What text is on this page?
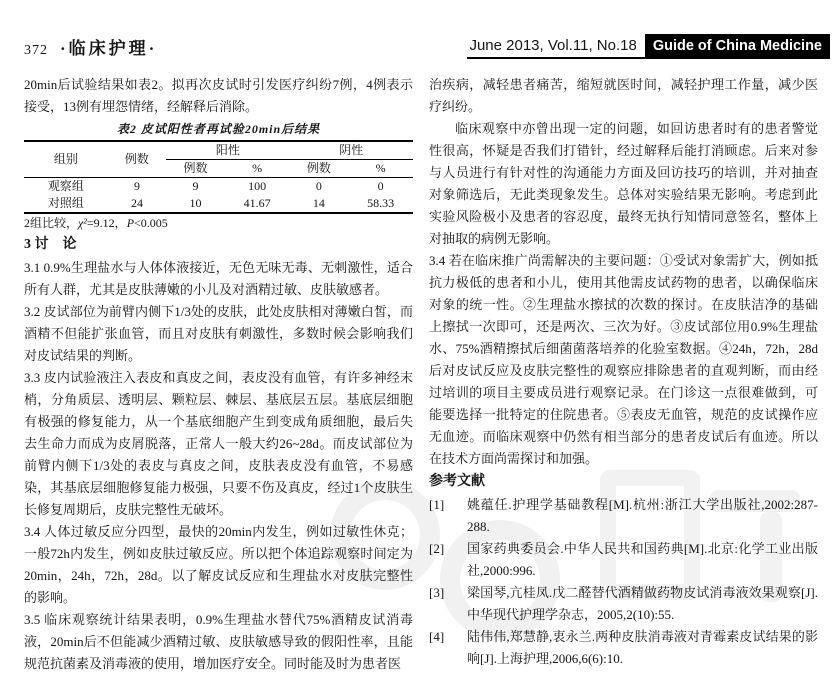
372 ·临床护理·	June 2013, Vol.11, No.18	Guide of China Medicine

20min后试验结果如表2。拟再次皮试时引发医疗纠纷7例，4例表示接受，13例有埋怨情绪，经解释后消除。

表2 皮试阳性者再试验20min后结果
组别	例数	阳性		阴性	
		例数	%	例数	%
观察组	9	9	100	0	0
对照组	24	10	41.67	14	58.33
2组比较，χ²=9.12，P<0.005
3 讨　论

3.1 0.9%生理盐水与人体体液接近，无色无味无毒、无刺激性，适合所有人群，尤其是皮肤薄嫩的小儿及对酒精过敏、皮肤敏感者。

3.2 皮试部位为前臂内侧下1/3处的皮肤，此处皮肤相对薄嫩白皙，而酒精不但能扩张血管，而且对皮肤有刺激性，多数时候会影响我们对皮试结果的判断。

3.3 皮内试验液注入表皮和真皮之间，表皮没有血管，有许多神经末梢，分角质层、透明层、颗粒层、棘层、基底层五层。基底层细胞有极强的修复能力，从一个基底细胞产生到变成角质细胞，最后失去生命力而成为皮屑脱落，正常人一般大约26~28d。而皮试部位为前臂内侧下1/3处的表皮与真皮之间，皮肤表皮没有血管，不易感染，其基底层细胞修复能力极强，只要不伤及真皮，经过1个皮肤生长修复周期后，皮肤完整性无破坏。

3.4 人体过敏反应分四型，最快的20min内发生，例如过敏性休克；一般72h内发生，例如皮肤过敏反应。所以把个体追踪观察时间定为20min，24h，72h，28d。以了解皮试反应和生理盐水对皮肤完整性的影响。

3.5 临床观察统计结果表明，0.9%生理盐水替代75%酒精皮试消毒液，20min后不但能减少酒精过敏、皮肤敏感导致的假阳性率，且能规范抗菌素及消毒液的使用，增加医疗安全。同时能及时为患者医

治疾病，减轻患者痛苦，缩短就医时间，减轻护理工作量，减少医疗纠纷。

临床观察中亦曾出现一定的问题，如回访患者时有的患者警觉性很高，怀疑是否我们打错针，经过解释后能打消顾虑。后来对参与人员进行有针对性的沟通能力方面及回访技巧的培训，并对抽查对象筛选后，无此类现象发生。总体对实验结果无影响。考虑到此实验风险极小及患者的容忍度，最终无执行知情同意签名，整体上对抽取的病例无影响。

3.4 若在临床推广尚需解决的主要问题：①受试对象需扩大，例如抵抗力极低的患者和小儿，使用其他需皮试药物的患者，以确保临床对象的统一性。②生理盐水擦拭的次数的探讨。在皮肤洁净的基础上擦拭一次即可，还是两次、三次为好。③皮试部位用0.9%生理盐水、75%酒精擦拭后细菌菌落培养的化验室数据。④24h，72h，28d后对皮试反应及皮肤完整性的观察应排除患者的直观判断，而由经过培训的项目主要成员进行观察记录。在门诊这一点很难做到，可能要选择一批特定的住院患者。⑤表皮无血管，规范的皮试操作应无血迹。而临床观察中仍然有相当部分的患者皮试后有血迹。所以在技术方面尚需探讨和加强。

参考文献
[1]	姚蕴任.护理学基础教程[M].杭州:浙江大学出版社,2002:287-288.
[2]	国家药典委员会.中华人民共和国药典[M].北京:化学工业出版社,2000:996.
[3]	梁国琴,亢桂凤.戊二醛替代酒精做药物皮试消毒液效果观察[J].中华现代护理学杂志，2005,2(10):55.
[4]	陆伟伟,郑慧静,衷永兰.两种皮肤消毒液对青霉素皮试结果的影响[J].上海护理,2006,6(6):10.
